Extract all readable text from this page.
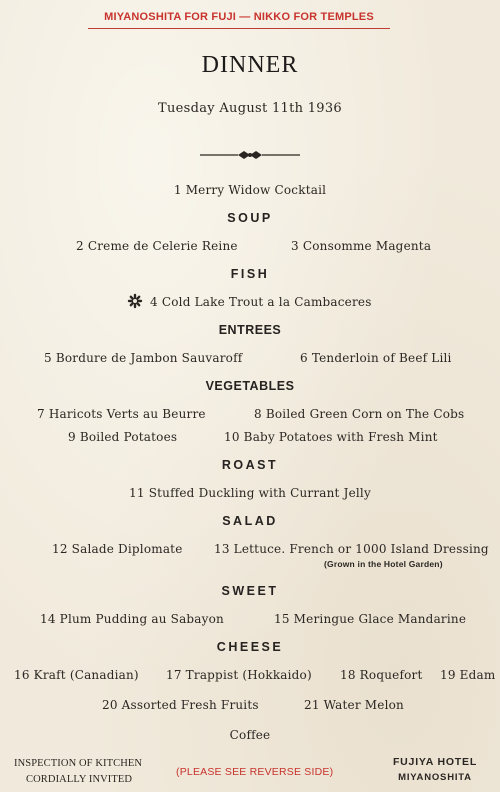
MIYANOSHITA FOR FUJI — NIKKO FOR TEMPLES
DINNER
Tuesday August 11th 1936
1 Merry Widow Cocktail
SOUP
2 Creme de Celerie Reine	3 Consomme Magenta
FISH
4 Cold Lake Trout a la Cambaceres
ENTREES
5 Bordure de Jambon Sauvaroff	6 Tenderloin of Beef Lili
VEGETABLES
7 Haricots Verts au Beurre	8 Boiled Green Corn on The Cobs
9 Boiled Potatoes	10 Baby Potatoes with Fresh Mint
ROAST
11 Stuffed Duckling with Currant Jelly
SALAD
12 Salade Diplomate	13 Lettuce. French or 1000 Island Dressing
(Grown in the Hotel Garden)
SWEET
14 Plum Pudding au Sabayon	15 Meringue Glace Mandarine
CHEESE
16 Kraft (Canadian) 17 Trappist (Hokkaido) 18 Roquefort 19 Edam
20 Assorted Fresh Fruits	21 Water Melon
Coffee
INSPECTION OF KITCHEN
CORDIALLY INVITED
(PLEASE SEE REVERSE SIDE)
FUJIYA HOTEL
MIYANOSHITA
